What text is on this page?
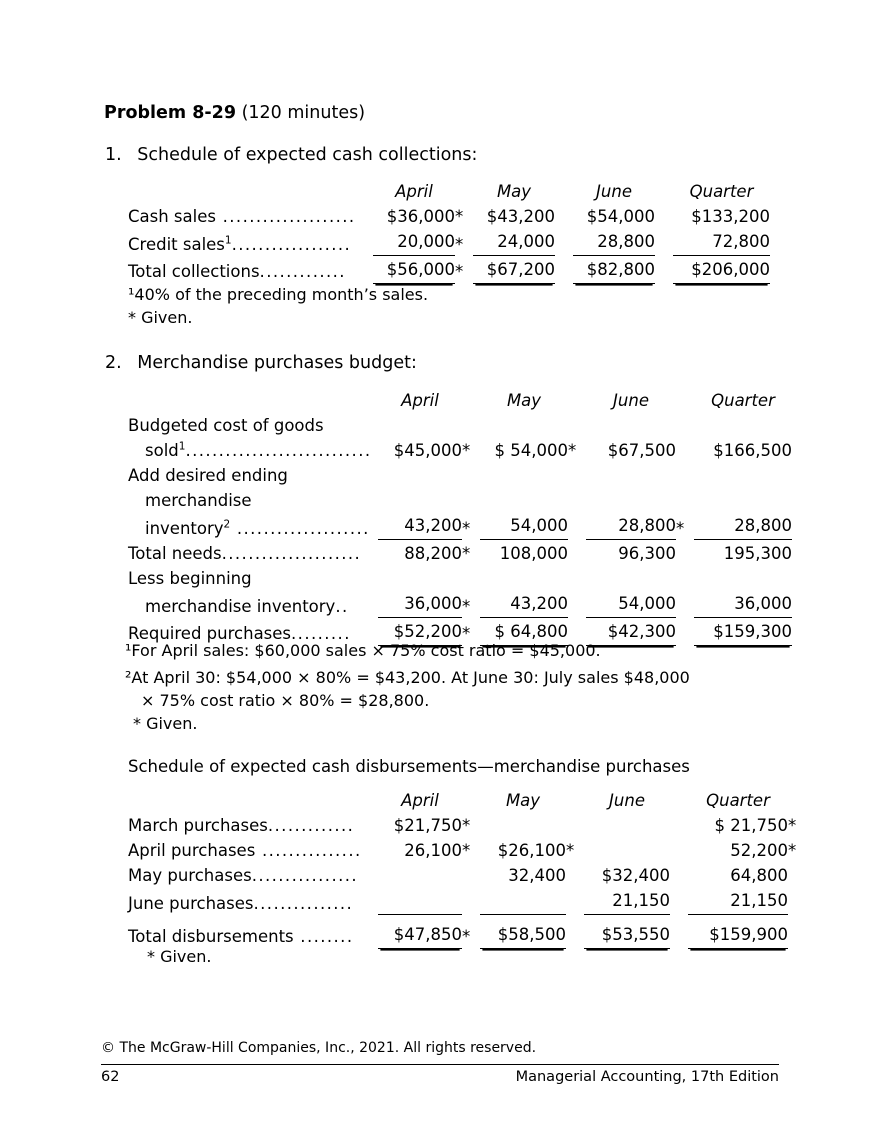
Problem 8-29 (120 minutes)
1. Schedule of expected cash collections:
	April		May		June		Quarter	
Cash sales ....................	$36,000	*	$43,200		$54,000		$133,200	
Credit sales$^1$..................	20,000	*	24,000		28,800		72,800	

Total collections.............	$56,000	*	$67,200		$82,800		$206,000	

¹40% of the preceding month’s sales.
* Given.
2. Merchandise purchases budget:
	April		May		June		Quarter	
Budgeted cost of goods								
sold$^1$............................	$45,000	*	$ 54,000	*	$67,500		$166,500	
Add desired ending								
merchandise								
inventory$^2$ ....................	43,200	*	54,000		28,800	*	28,800	

Total needs.....................	88,200	*	108,000		96,300		195,300	
Less beginning								
merchandise inventory..	36,000	*	43,200		54,000		36,000	

Required purchases.........	$52,200	*	$ 64,800		$42,300		$159,300	

¹For April sales: $60,000 sales × 75% cost ratio = $45,000.
²At April 30: $54,000 × 80% = $43,200. At June 30: July sales $48,000
× 75% cost ratio × 80% = $28,800.
* Given.
Schedule of expected cash disbursements—merchandise purchases
	April		May		June		Quarter	
March purchases.............	$21,750	*					$ 21,750	*
April purchases ...............	26,100	*	$26,100	*			52,200	*
May purchases................			32,400		$32,400		64,800	
June purchases...............					21,150		21,150	

Total disbursements ........	$47,850	*	$58,500		$53,550		$159,900	

* Given.
© The McGraw-Hill Companies, Inc., 2021. All rights reserved.
62	Managerial Accounting, 17th Edition
